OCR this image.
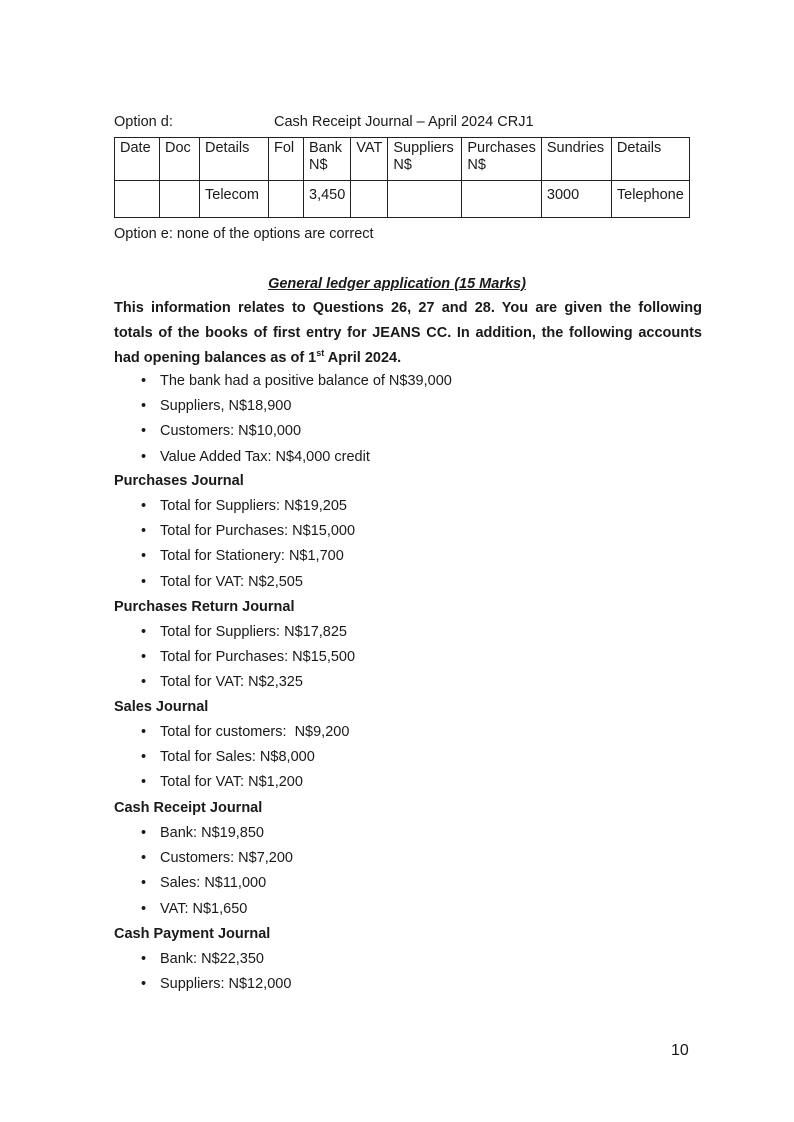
Option d:	Cash Receipt Journal – April 2024 CRJ1
Date	Doc	Details	Fol	Bank N$	VAT	Suppliers N$	Purchases N$	Sundries	Details
		Telecom		3,450				3000	Telephone
Option e: none of the options are correct
General ledger application (15 Marks)
This information relates to Questions 26, 27 and 28. You are given the following totals of the books of first entry for JEANS CC. In addition, the following accounts had opening balances as of 1st April 2024.
• The bank had a positive balance of N$39,000
• Suppliers, N$18,900
• Customers: N$10,000
• Value Added Tax: N$4,000 credit
Purchases Journal
• Total for Suppliers: N$19,205
• Total for Purchases: N$15,000
• Total for Stationery: N$1,700
• Total for VAT: N$2,505
Purchases Return Journal
• Total for Suppliers: N$17,825
• Total for Purchases: N$15,500
• Total for VAT: N$2,325
Sales Journal
• Total for customers:  N$9,200
• Total for Sales: N$8,000
• Total for VAT: N$1,200
Cash Receipt Journal
• Bank: N$19,850
• Customers: N$7,200
• Sales: N$11,000
• VAT: N$1,650
Cash Payment Journal
• Bank: N$22,350
• Suppliers: N$12,000
10
